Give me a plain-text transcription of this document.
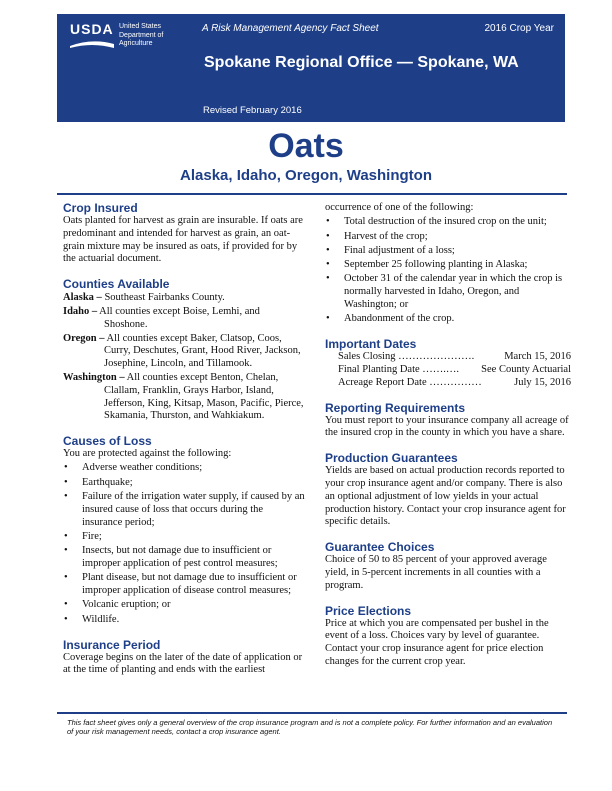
USDA United States
Department of
Agriculture
A Risk Management Agency Fact Sheet	2016 Crop Year
Spokane Regional Office — Spokane, WA
Revised February 2016
Oats
Alaska, Idaho, Oregon, Washington
Crop Insured

Oats planted for harvest as grain are insurable. If oats are predominant and intended for harvest as grain, an oat-grain mixture may be insured as oats, if provided for by the actuarial document.

Counties Available
Alaska – Southeast Fairbanks County.
Idaho – All counties except Boise, Lemhi, and Shoshone.
Oregon – All counties except Baker, Clatsop, Coos, Curry, Deschutes, Grant, Hood River, Jackson, Josephine, Lincoln, and Tillamook.
Washington – All counties except Benton, Chelan, Clallam, Franklin, Grays Harbor, Island, Jefferson, King, Kitsap, Mason, Pacific, Pierce, Skamania, Thurston, and Wahkiakum.
Causes of Loss

You are protected against the following:

• Adverse weather conditions;
• Earthquake;
• Failure of the irrigation water supply, if caused by an insured cause of loss that occurs during the insurance period;
• Fire;
• Insects, but not damage due to insufficient or improper application of pest control measures;
• Plant disease, but not damage due to insufficient or improper application of disease control measures;
• Volcanic eruption; or
• Wildlife.
Insurance Period

Coverage begins on the later of the date of application or at the time of planting and ends with the earliest

occurrence of one of the following:

• Total destruction of the insured crop on the unit;
• Harvest of the crop;
• Final adjustment of a loss;
• September 25 following planting in Alaska;
• October 31 of the calendar year in which the crop is normally harvested in Idaho, Oregon, and Washington; or
• Abandonment of the crop.
Important Dates
Sales Closing ………………….	March 15, 2016
Final Planting Date …….…. See County Actuarial
Acreage Report Date ……………	July 15, 2016
Reporting Requirements

You must report to your insurance company all acreage of the insured crop in the county in which you have a share.

Production Guarantees

Yields are based on actual production records reported to your crop insurance agent and/or company. There is also an optional adjustment of low yields in your actual production history. Contact your crop insurance agent for specific details.

Guarantee Choices

Choice of 50 to 85 percent of your approved average yield, in 5-percent increments in all counties with a program.

Price Elections

Price at which you are compensated per bushel in the event of a loss. Choices vary by level of guarantee. Contact your crop insurance agent for price election changes for the current crop year.

This fact sheet gives only a general overview of the crop insurance program and is not a complete policy. For further information and an evaluation of your risk management needs, contact a crop insurance agent.
